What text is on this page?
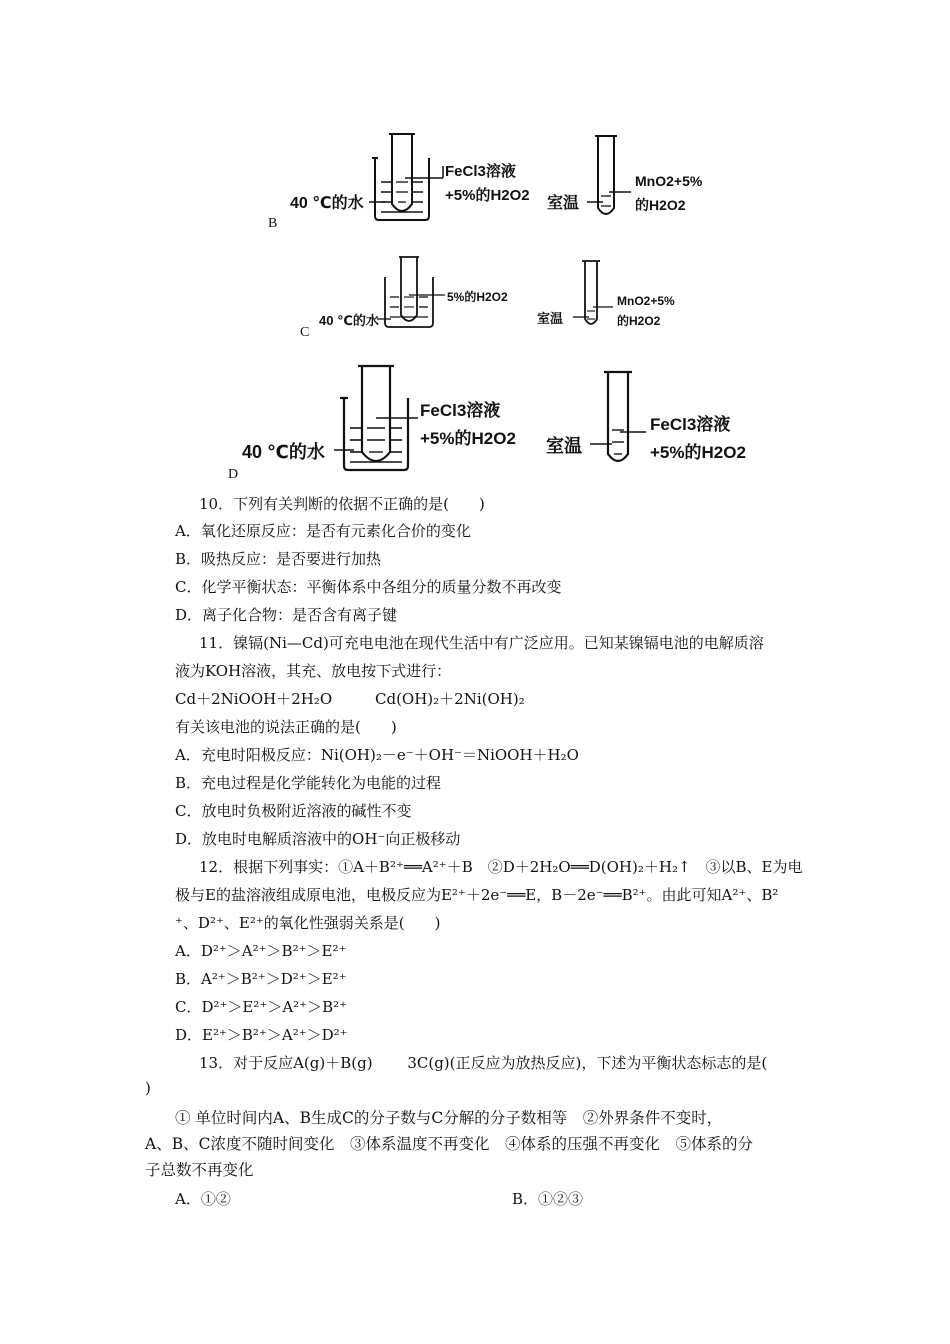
B
40 ℃的水
FeCl3溶液
+5%的H2O2 室温
MnO2+5%
的H2O2
C
40 ℃的水
5%的H2O2
室温
MnO2+5%
的H2O2
D
40 ℃的水
FeCl3溶液
+5%的H2O2 室温
FeCl3溶液
+5%的H2O2
10．下列有关判断的依据不正确的是(　　)
A．氧化还原反应：是否有元素化合价的变化
B．吸热反应：是否要进行加热
C．化学平衡状态：平衡体系中各组分的质量分数不再改变
D．离子化合物：是否含有离子键
11．镍镉(Ni—Cd)可充电电池在现代生活中有广泛应用。已知某镍镉电池的电解质溶
液为KOH溶液，其充、放电按下式进行：
Cd＋2NiOOH＋2H₂O	Cd(OH)₂＋2Ni(OH)₂
有关该电池的说法正确的是(　　)
A．充电时阳极反应：Ni(OH)₂－e⁻＋OH⁻＝NiOOH＋H₂O
B．充电过程是化学能转化为电能的过程
C．放电时负极附近溶液的碱性不变
D．放电时电解质溶液中的OH⁻向正极移动
12．根据下列事实：①A＋B²⁺══A²⁺＋B　②D＋2H₂O══D(OH)₂＋H₂↑　③以B、E为电
极与E的盐溶液组成原电池，电极反应为E²⁺＋2e⁻══E，B－2e⁻══B²⁺。由此可知A²⁺、B²
⁺、D²⁺、E²⁺的氧化性强弱关系是(　　)
A．D²⁺＞A²⁺＞B²⁺＞E²⁺
B．A²⁺＞B²⁺＞D²⁺＞E²⁺
C．D²⁺＞E²⁺＞A²⁺＞B²⁺
D．E²⁺＞B²⁺＞A²⁺＞D²⁺
13．对于反应A(g)＋B(g)　　 3C(g)(正反应为放热反应)，下述为平衡状态标志的是(
)
① 单位时间内A、B生成C的分子数与C分解的分子数相等　②外界条件不变时，
A、B、C浓度不随时间变化　③体系温度不再变化　④体系的压强不再变化　⑤体系的分
子总数不再变化
A．①②	B．①②③
